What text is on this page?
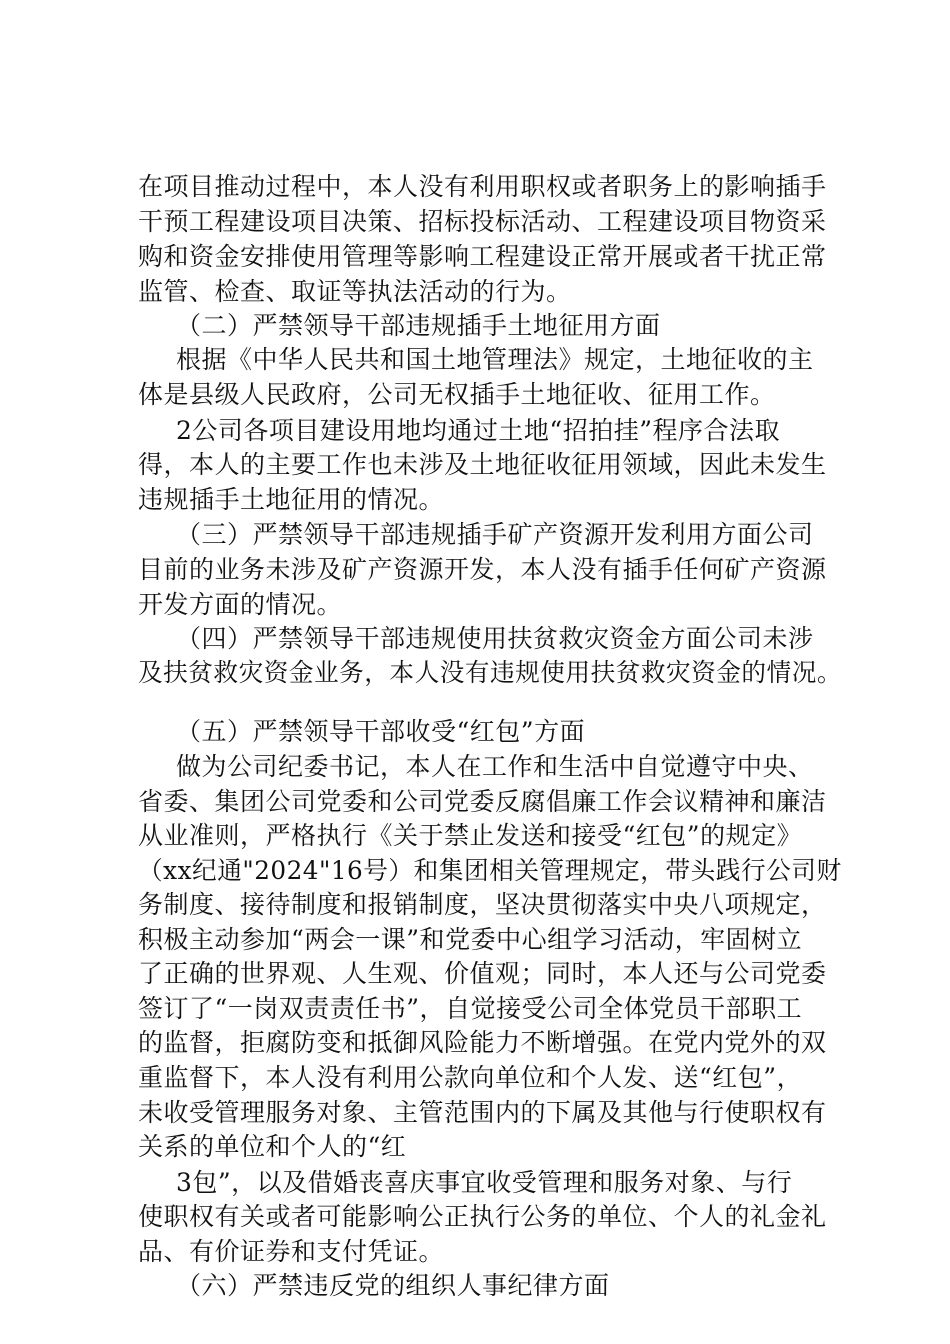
在项目推动过程中，本人没有利用职权或者职务上的影响插手
干预工程建设项目决策、招标投标活动、工程建设项目物资采
购和资金安排使用管理等影响工程建设正常开展或者干扰正常
监管、检查、取证等执法活动的行为。
（二）严禁领导干部违规插手土地征用方面
根据《中华人民共和国土地管理法》规定，土地征收的主
体是县级人民政府，公司无权插手土地征收、征用工作。
2公司各项目建设用地均通过土地“招拍挂”程序合法取
得，本人的主要工作也未涉及土地征收征用领域，因此未发生
违规插手土地征用的情况。
（三）严禁领导干部违规插手矿产资源开发利用方面公司
目前的业务未涉及矿产资源开发，本人没有插手任何矿产资源
开发方面的情况。
（四）严禁领导干部违规使用扶贫救灾资金方面公司未涉
及扶贫救灾资金业务，本人没有违规使用扶贫救灾资金的情况。
（五）严禁领导干部收受“红包”方面
做为公司纪委书记，本人在工作和生活中自觉遵守中央、
省委、集团公司党委和公司党委反腐倡廉工作会议精神和廉洁
从业准则，严格执行《关于禁止发送和接受“红包”的规定》
（xx纪通"2024"16号）和集团相关管理规定，带头践行公司财
务制度、接待制度和报销制度，坚决贯彻落实中央八项规定，
积极主动参加“两会一课”和党委中心组学习活动，牢固树立
了正确的世界观、人生观、价值观；同时，本人还与公司党委
签订了“一岗双责责任书”，自觉接受公司全体党员干部职工
的监督，拒腐防变和抵御风险能力不断增强。在党内党外的双
重监督下，本人没有利用公款向单位和个人发、送“红包”，
未收受管理服务对象、主管范围内的下属及其他与行使职权有
关系的单位和个人的“红
3包”，以及借婚丧喜庆事宜收受管理和服务对象、与行
使职权有关或者可能影响公正执行公务的单位、个人的礼金礼
品、有价证券和支付凭证。
（六）严禁违反党的组织人事纪律方面
